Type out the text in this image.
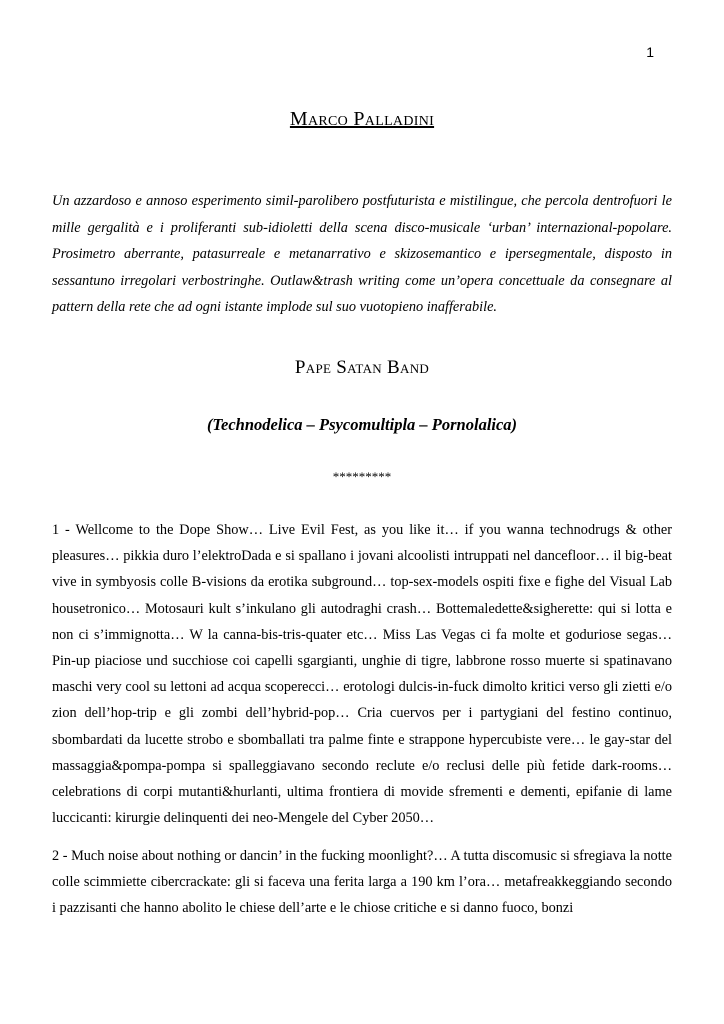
1
Marco Palladini

Un azzardoso e annoso esperimento simil-parolibero postfuturista e mistilingue, che percola dentrofuori le mille gergalità e i proliferanti sub-idioletti della scena disco-musicale ‘urban’ internazional-popolare. Prosimetro aberrante, patasurreale e metanarrativo e skizosemantico e ipersegmentale, disposto in sessantuno irregolari verbostringhe. Outlaw&trash writing come un’opera concettuale da consegnare al pattern della rete che ad ogni istante implode sul suo vuotopieno inafferabile.

Pape Satan Band
(Technodelica – Psycomultipla – Pornolalica)
*********

1 - Wellcome to the Dope Show… Live Evil Fest, as you like it… if you wanna technodrugs & other pleasures… pikkia duro l’elektroDada e si spallano i jovani alcoolisti intruppati nel dancefloor… il big-beat vive in symbyosis colle B-visions da erotika subground… top-sex-models ospiti fixe e fighe del Visual Lab housetronico… Motosauri kult s’inkulano gli autodraghi crash… Bottemaledette&sigherette: qui si lotta e non ci s’immignotta… W la canna-bis-tris-quater etc… Miss Las Vegas ci fa molte et goduriose segas… Pin-up piaciose und succhiose coi capelli sgargianti, unghie di tigre, labbrone rosso muerte si spatinavano maschi very cool su lettoni ad acqua scoperecci… erotologi dulcis-in-fuck dimolto kritici verso gli zietti e/o zion dell’hop-trip e gli zombi dell’hybrid-pop… Cria cuervos per i partygiani del festino continuo, sbombardati da lucette strobo e sbomballati tra palme finte e strappone hypercubiste vere… le gay-star del massaggia&pompa-pompa si spalleggiavano secondo reclute e/o reclusi delle più fetide dark-rooms… celebrations di corpi mutanti&hurlanti, ultima frontiera di movide sfrementi e dementi, epifanie di lame luccicanti: kirurgie delinquenti dei neo-Mengele del Cyber 2050…

2 - Much noise about nothing or dancin’ in the fucking moonlight?… A tutta discomusic si sfregiava la notte colle scimmiette cibercrackate: gli si faceva una ferita larga a 190 km l’ora… metafreakkeggiando secondo i pazzisanti che hanno abolito le chiese dell’arte e le chiose critiche e si danno fuoco, bonzi
